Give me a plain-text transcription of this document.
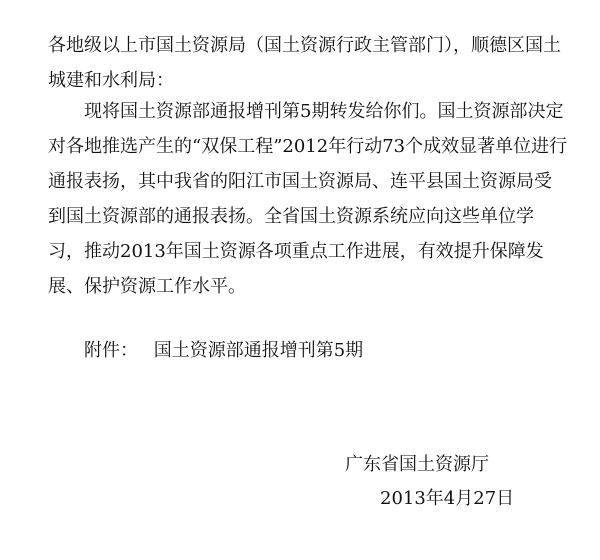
各地级以上市国土资源局（国土资源行政主管部门），顺德区国土城建和水利局：

现将国土资源部通报增刊第5期转发给你们。国土资源部决定对各地推选产生的“双保工程”2012年行动73个成效显著单位进行通报表扬，其中我省的阳江市国土资源局、连平县国土资源局受到国土资源部的通报表扬。全省国土资源系统应向这些单位学习，推动2013年国土资源各项重点工作进展，有效提升保障发展、保护资源工作水平。

附件： 国土资源部通报增刊第5期

广东省国土资源厅

2013年4月27日
